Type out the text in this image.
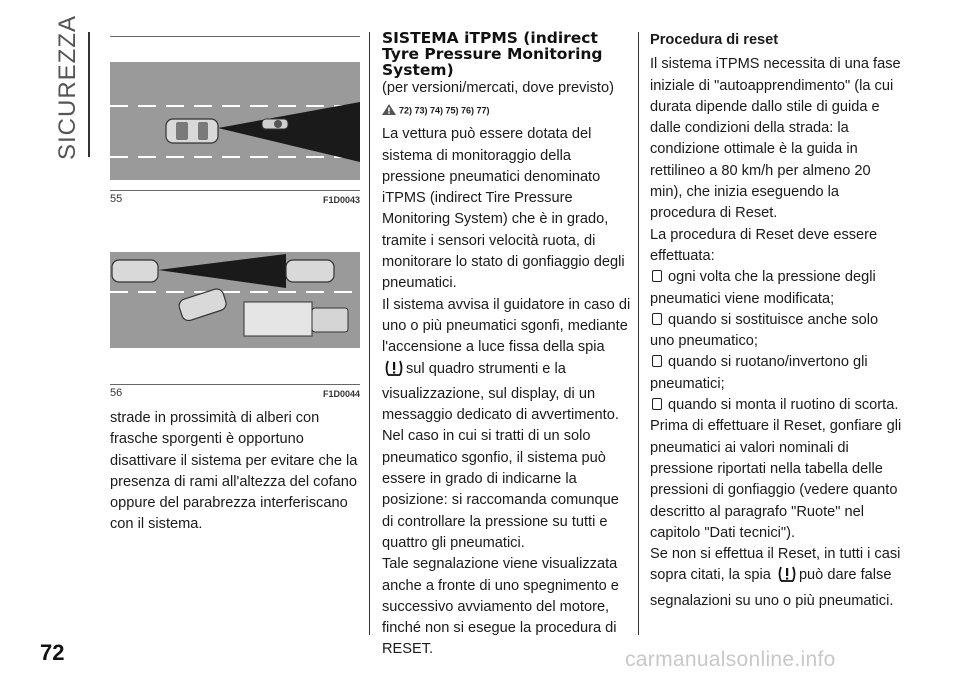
SICUREZZA
55	F1D0043
56	F1D0044

strade in prossimità di alberi con frasche sporgenti è opportuno disattivare il sistema per evitare che la presenza di rami all'altezza del cofano oppure del parabrezza interferiscano con il sistema.

SISTEMA iTPMS (indirect Tyre Pressure Monitoring System)

(per versioni/mercati, dove previsto)

72) 73) 74) 75) 76) 77)

La vettura può essere dotata del sistema di monitoraggio della pressione pneumatici denominato iTPMS (indirect Tire Pressure Monitoring System) che è in grado, tramite i sensori velocità ruota, di monitorare lo stato di gonfiaggio degli pneumatici.

Il sistema avvisa il guidatore in caso di uno o più pneumatici sgonfi, mediante l'accensione a luce fissa della spia
sul quadro strumenti e la visualizzazione, sul display, di un messaggio dedicato di avvertimento.

Nel caso in cui si tratti di un solo pneumatico sgonfio, il sistema può essere in grado di indicarne la posizione: si raccomanda comunque di controllare la pressione su tutti e quattro gli pneumatici.

Tale segnalazione viene visualizzata anche a fronte di uno spegnimento e successivo avviamento del motore, finché non si esegue la procedura di RESET.

Procedura di reset

Il sistema iTPMS necessita di una fase iniziale di "autoapprendimento" (la cui durata dipende dallo stile di guida e dalle condizioni della strada: la condizione ottimale è la guida in rettilineo a 80 km/h per almeno 20 min), che inizia eseguendo la procedura di Reset.

La procedura di Reset deve essere effettuata:

ogni volta che la pressione degli pneumatici viene modificata;

quando si sostituisce anche solo uno pneumatico;

quando si ruotano/invertono gli pneumatici;

quando si monta il ruotino di scorta.

Prima di effettuare il Reset, gonfiare gli pneumatici ai valori nominali di pressione riportati nella tabella delle pressioni di gonfiaggio (vedere quanto descritto al paragrafo "Ruote" nel capitolo "Dati tecnici").

Se non si effettua il Reset, in tutti i casi sopra citati, la spia può dare false segnalazioni su uno o più pneumatici.

72	carmanualsonline.info
